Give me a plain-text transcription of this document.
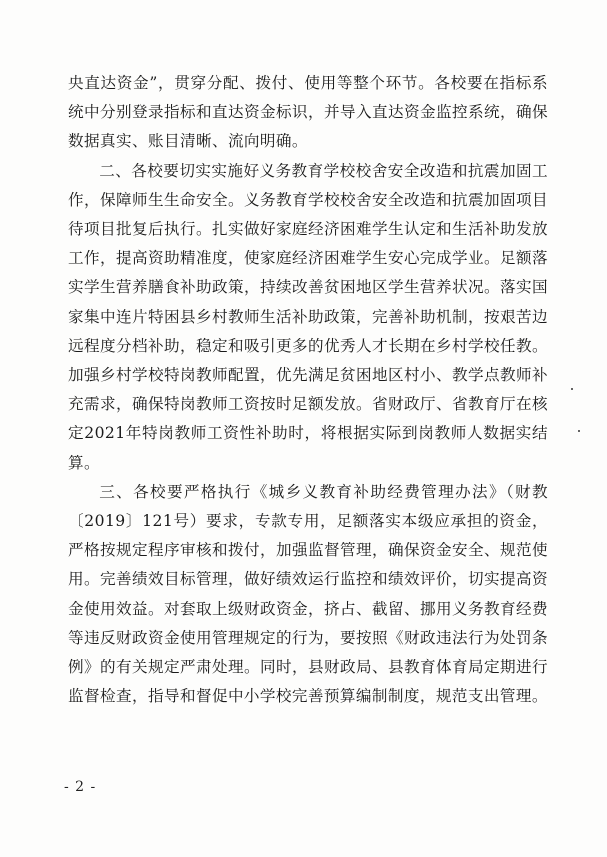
央直达资金”，贯穿分配、拨付、使用等整个环节。各校要在指标系统中分别登录指标和直达资金标识，并导入直达资金监控系统，确保数据真实、账目清晰、流向明确。

二、各校要切实实施好义务教育学校校舍安全改造和抗震加固工作，保障师生生命安全。义务教育学校校舍安全改造和抗震加固项目待项目批复后执行。扎实做好家庭经济困难学生认定和生活补助发放工作，提高资助精准度，使家庭经济困难学生安心完成学业。足额落实学生营养膳食补助政策，持续改善贫困地区学生营养状况。落实国家集中连片特困县乡村教师生活补助政策，完善补助机制，按艰苦边远程度分档补助，稳定和吸引更多的优秀人才长期在乡村学校任教。加强乡村学校特岗教师配置，优先满足贫困地区村小、教学点教师补充需求，确保特岗教师工资按时足额发放。省财政厅、省教育厅在核定2021年特岗教师工资性补助时，将根据实际到岗教师人数据实结算。

三、各校要严格执行《城乡义教育补助经费管理办法》（财教〔2019〕121号）要求，专款专用，足额落实本级应承担的资金，严格按规定程序审核和拨付，加强监督管理，确保资金安全、规范使用。完善绩效目标管理，做好绩效运行监控和绩效评价，切实提高资金使用效益。对套取上级财政资金，挤占、截留、挪用义务教育经费等违反财政资金使用管理规定的行为，要按照《财政违法行为处罚条例》的有关规定严肃处理。同时，县财政局、县教育体育局定期进行监督检查，指导和督促中小学校完善预算编制制度，规范支出管理。

- 2 -
